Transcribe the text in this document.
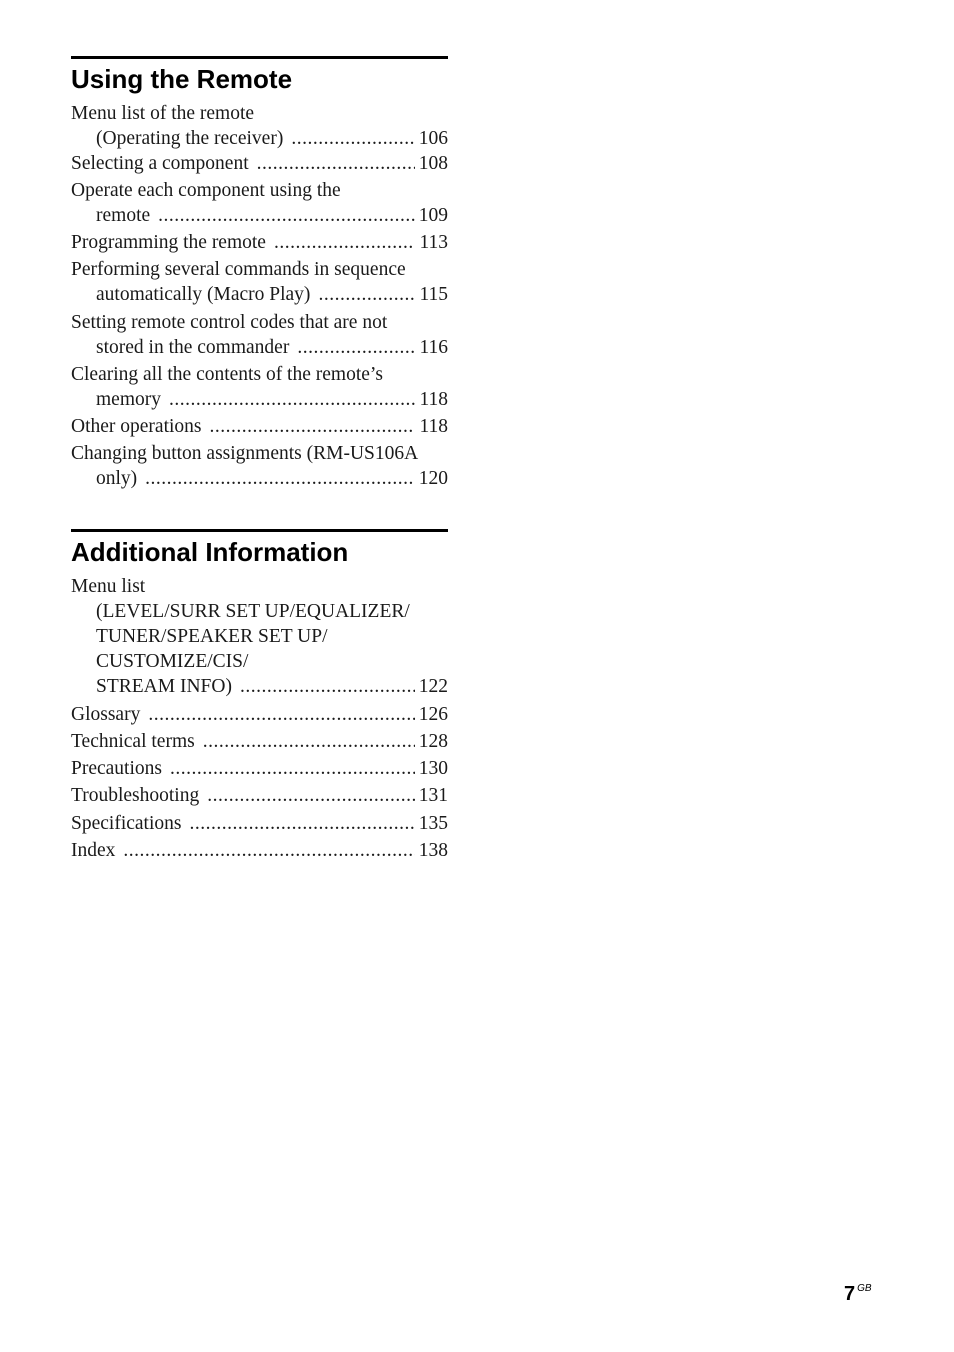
Using the Remote
Menu list of the remote
(Operating the receiver) .....	106
Selecting a component .....	108
Operate each component using the
remote .....	109
Programming the remote .....	113
Performing several commands in sequence
automatically (Macro Play) .....	115
Setting remote control codes that are not
stored in the commander .....	116
Clearing all the contents of the remote’s
memory .....	118
Other operations .....	118
Changing button assignments (RM-US106A
only) .....	120
Additional Information
Menu list
(LEVEL/SURR SET UP/EQUALIZER/
TUNER/SPEAKER SET UP/
CUSTOMIZE/CIS/
STREAM INFO) .....	122
Glossary .....	126
Technical terms .....	128
Precautions .....	130
Troubleshooting .....	131
Specifications .....	135
Index .....	138
7 $^{GB}$
